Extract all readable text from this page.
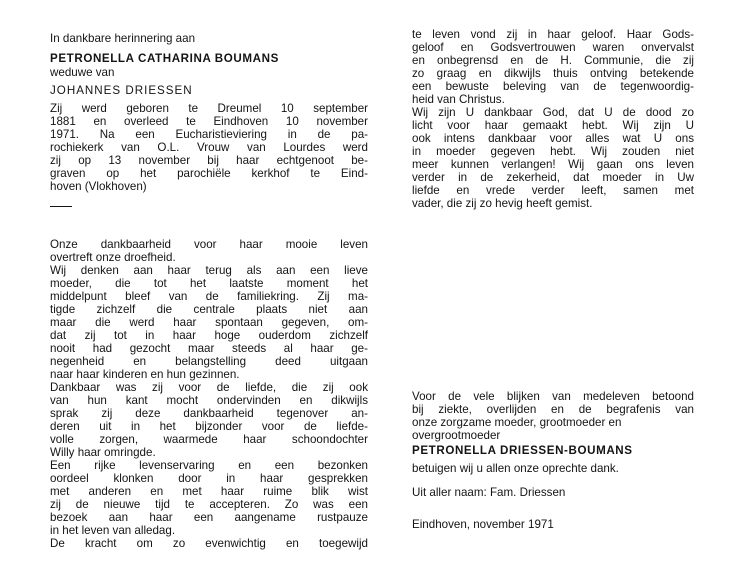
In dankbare herinnering aan
PETRONELLA CATHARINA BOUMANS
weduwe van
JOHANNES DRIESSEN
Zij werd geboren te Dreumel 10 september
1881 en overleed te Eindhoven 10 november
1971. Na een Eucharistieviering in de pa-
rochiekerk van O.L. Vrouw van Lourdes werd
zij op 13 november bij haar echtgenoot be-
graven op het parochiële kerkhof te Eind-
hoven (Vlokhoven)
Onze dankbaarheid voor haar mooie leven
overtreft onze droefheid.
Wij denken aan haar terug als aan een lieve
moeder, die tot het laatste moment het
middelpunt bleef van de familiekring. Zij ma-
tigde zichzelf die centrale plaats niet aan
maar die werd haar spontaan gegeven, om-
dat zij tot in haar hoge ouderdom zichzelf
nooit had gezocht maar steeds al haar ge-
negenheid en belangstelling deed uitgaan
naar haar kinderen en hun gezinnen.
Dankbaar was zij voor de liefde, die zij ook
van hun kant mocht ondervinden en dikwijls
sprak zij deze dankbaarheid tegenover an-
deren uit in het bijzonder voor de liefde-
volle zorgen, waarmede haar schoondochter
Willy haar omringde.
Een rijke levenservaring en een bezonken
oordeel klonken door in haar gesprekken
met anderen en met haar ruime blik wist
zij de nieuwe tijd te accepteren. Zo was een
bezoek aan haar een aangename rustpauze
in het leven van alledag.
De kracht om zo evenwichtig en toegewijd
te leven vond zij in haar geloof. Haar Gods-
geloof en Godsvertrouwen waren onvervalst
en onbegrensd en de H. Communie, die zij
zo graag en dikwijls thuis ontving betekende
een bewuste beleving van de tegenwoordig-
heid van Christus.
Wij zijn U dankbaar God, dat U de dood zo
licht voor haar gemaakt hebt. Wij zijn U
ook intens dankbaar voor alles wat U ons
in moeder gegeven hebt. Wij zouden niet
meer kunnen verlangen! Wij gaan ons leven
verder in de zekerheid, dat moeder in Uw
liefde en vrede verder leeft, samen met
vader, die zij zo hevig heeft gemist.
Voor de vele blijken van medeleven betoond
bij ziekte, overlijden en de begrafenis van
onze zorgzame moeder, grootmoeder en
overgrootmoeder
PETRONELLA DRIESSEN-BOUMANS
betuigen wij u allen onze oprechte dank.
Uit aller naam: Fam. Driessen
Eindhoven, november 1971
